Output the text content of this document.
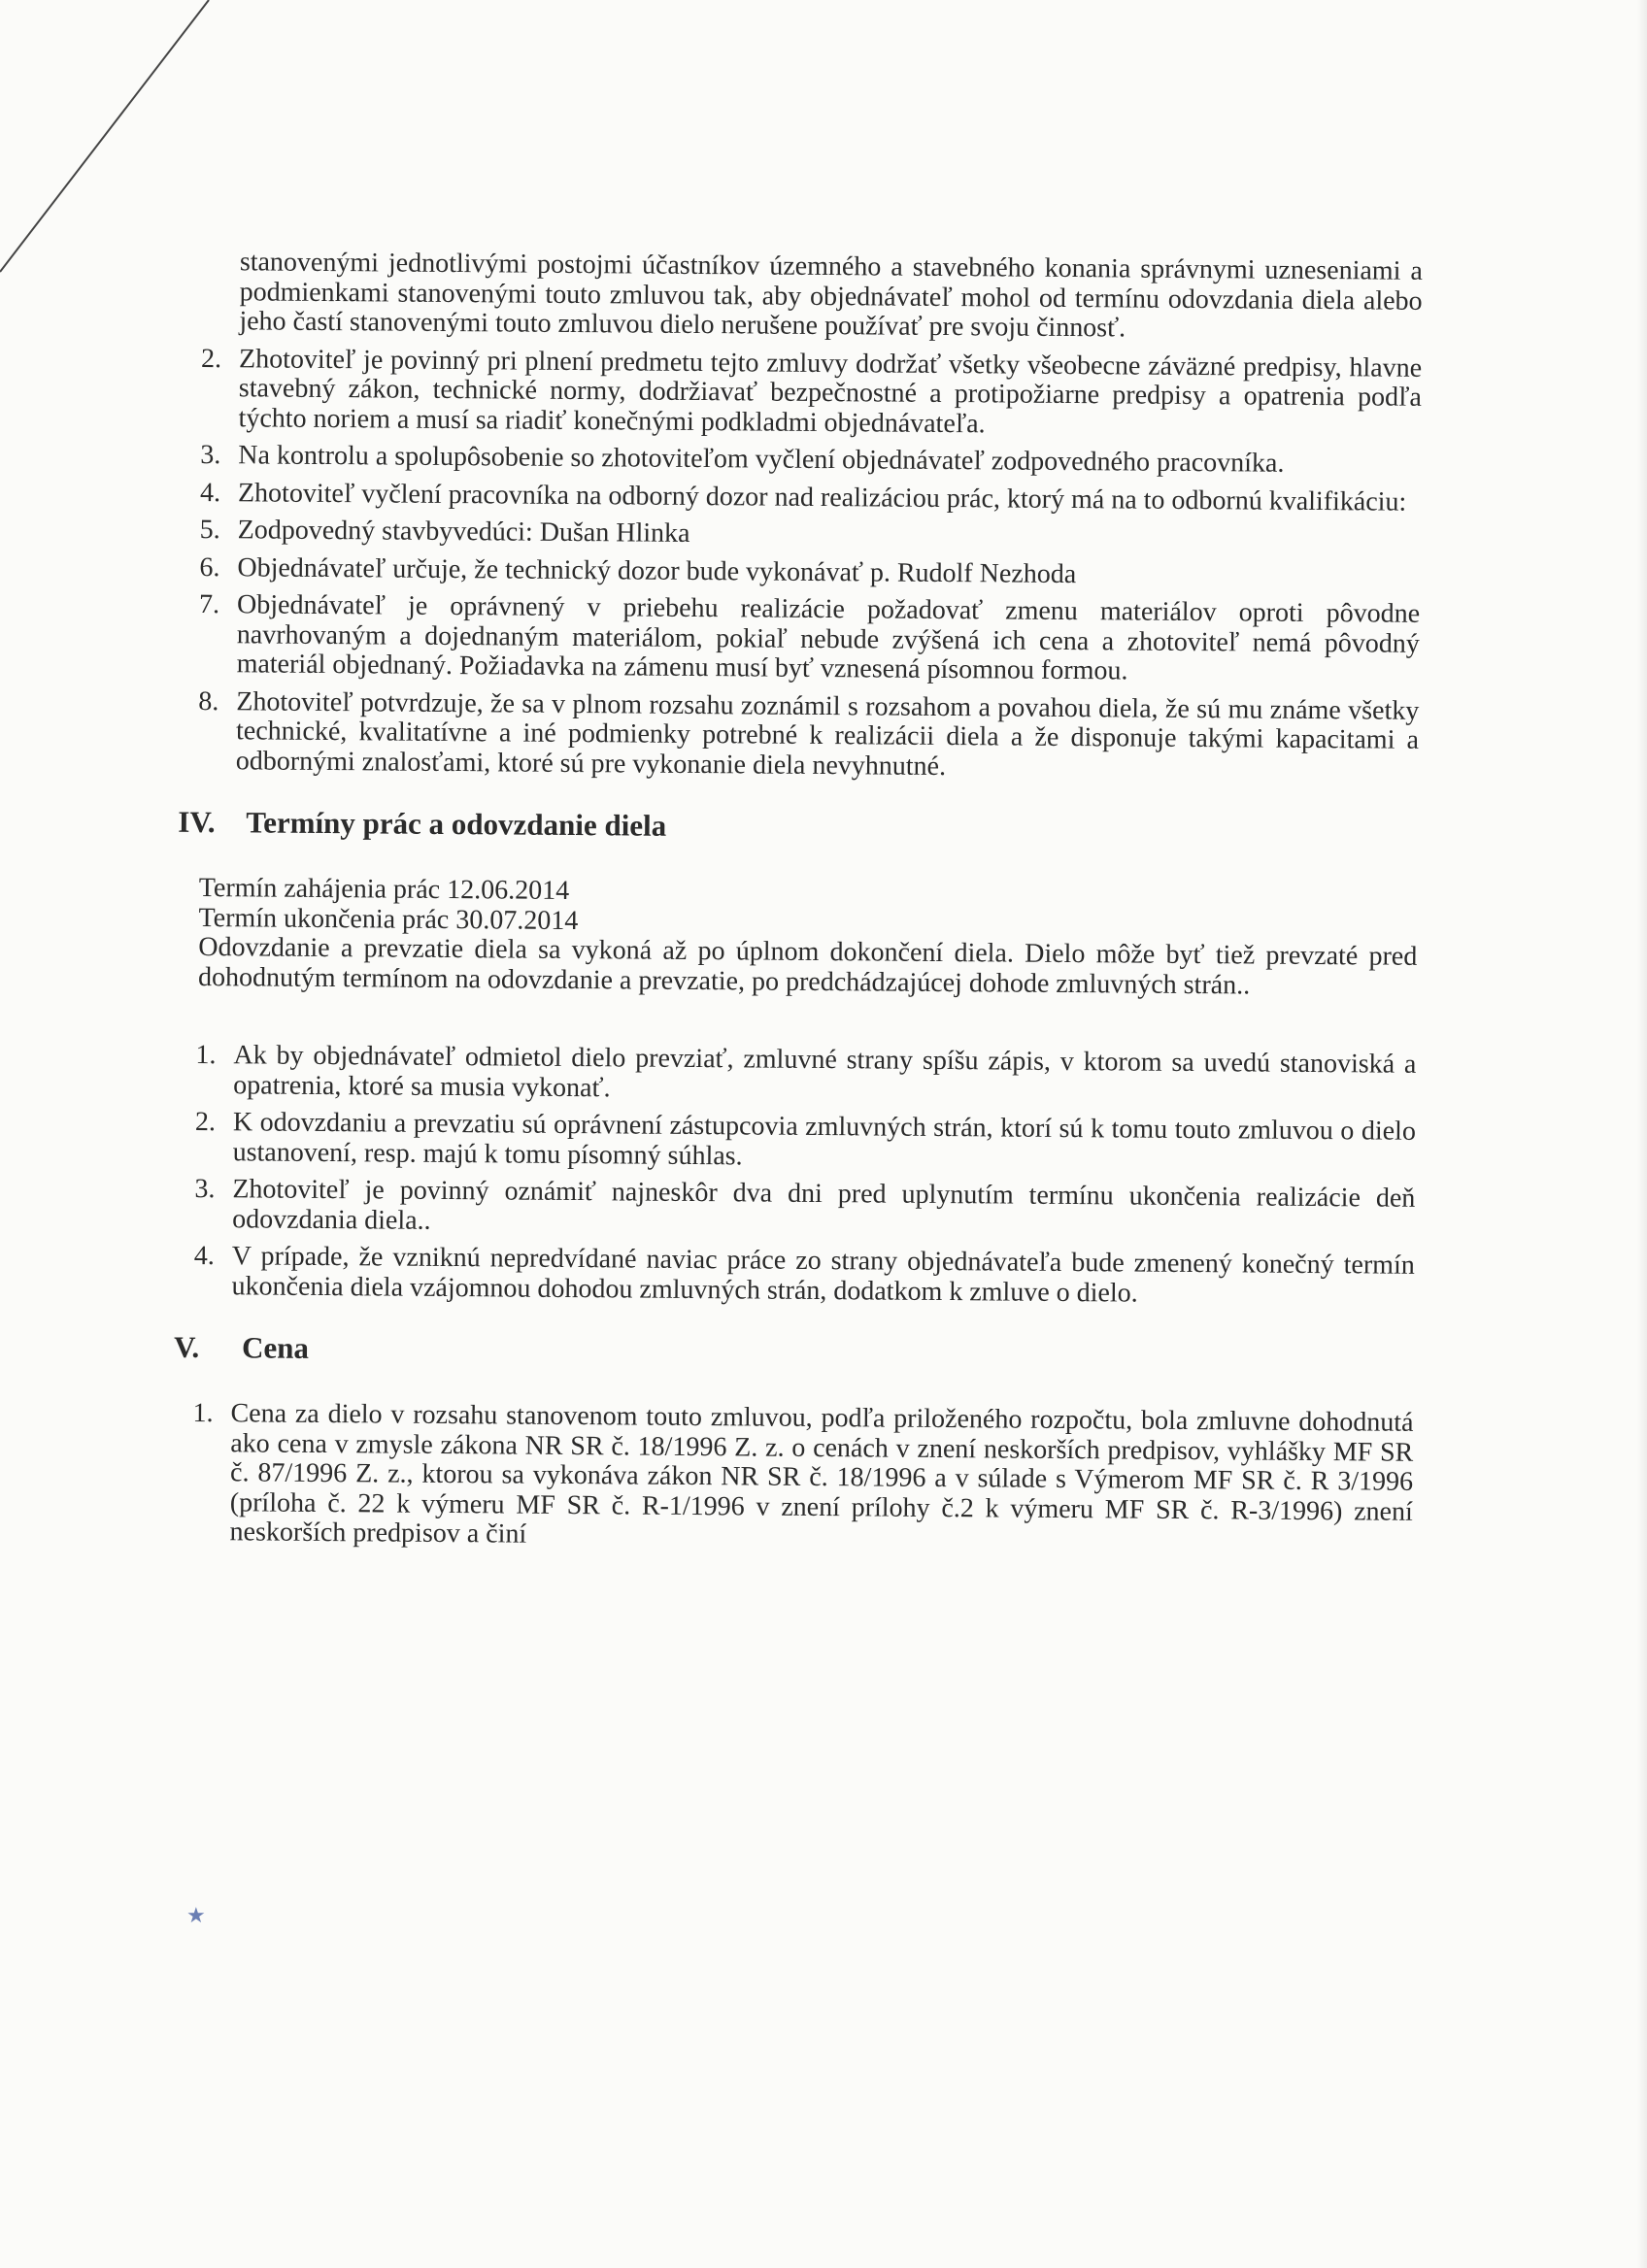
stanovenými jednotlivými postojmi účastníkov územného a stavebného konania správnymi uzneseniami a podmienkami stanovenými touto zmluvou tak, aby objednávateľ mohol od termínu odovzdania diela alebo jeho častí stanovenými touto zmluvou dielo nerušene používať pre svoju činnosť.

2. Zhotoviteľ je povinný pri plnení predmetu tejto zmluvy dodržať všetky všeobecne záväzné predpisy, hlavne stavebný zákon, technické normy, dodržiavať bezpečnostné a protipožiarne predpisy a opatrenia podľa týchto noriem a musí sa riadiť konečnými podkladmi objednávateľa.
3. Na kontrolu a spolupôsobenie so zhotoviteľom vyčlení objednávateľ zodpovedného pracovníka.
4. Zhotoviteľ vyčlení pracovníka na odborný dozor nad realizáciou prác, ktorý má na to odbornú kvalifikáciu:
5. Zodpovedný stavbyvedúci: Dušan Hlinka
6. Objednávateľ určuje, že technický dozor bude vykonávať p. Rudolf Nezhoda
7. Objednávateľ je oprávnený v priebehu realizácie požadovať zmenu materiálov oproti pôvodne navrhovaným a dojednaným materiálom, pokiaľ nebude zvýšená ich cena a zhotoviteľ nemá pôvodný materiál objednaný. Požiadavka na zámenu musí byť vznesená písomnou formou.
8. Zhotoviteľ potvrdzuje, že sa v plnom rozsahu zoznámil s rozsahom a povahou diela, že sú mu známe všetky technické, kvalitatívne a iné podmienky potrebné k realizácii diela a že disponuje takými kapacitami a odbornými znalosťami, ktoré sú pre vykonanie diela nevyhnutné.
IV. Termíny prác a odovzdanie diela

Termín zahájenia prác 12.06.2014

Termín ukončenia prác 30.07.2014

Odovzdanie a prevzatie diela sa vykoná až po úplnom dokončení diela. Dielo môže byť tiež prevzaté pred dohodnutým termínom na odovzdanie a prevzatie, po predchádzajúcej dohode zmluvných strán..

1. Ak by objednávateľ odmietol dielo prevziať, zmluvné strany spíšu zápis, v ktorom sa uvedú stanoviská a opatrenia, ktoré sa musia vykonať.
2. K odovzdaniu a prevzatiu sú oprávnení zástupcovia zmluvných strán, ktorí sú k tomu touto zmluvou o dielo ustanovení, resp. majú k tomu písomný súhlas.
3. Zhotoviteľ je povinný oznámiť najneskôr dva dni pred uplynutím termínu ukončenia realizácie deň odovzdania diela..
4. V prípade, že vzniknú nepredvídané naviac práce zo strany objednávateľa bude zmenený konečný termín ukončenia diela vzájomnou dohodou zmluvných strán, dodatkom k zmluve o dielo.
V. Cena
1. Cena za dielo v rozsahu stanovenom touto zmluvou, podľa priloženého rozpočtu, bola zmluvne dohodnutá ako cena v zmysle zákona NR SR č. 18/1996 Z. z. o cenách v znení neskorších predpisov, vyhlášky MF SR č. 87/1996 Z. z., ktorou sa vykonáva zákon NR SR č. 18/1996 a v súlade s Výmerom MF SR č. R 3/1996 (príloha č. 22 k výmeru MF SR č. R-1/1996 v znení prílohy č.2 k výmeru MF SR č. R-3/1996) znení neskorších predpisov a činí
★
